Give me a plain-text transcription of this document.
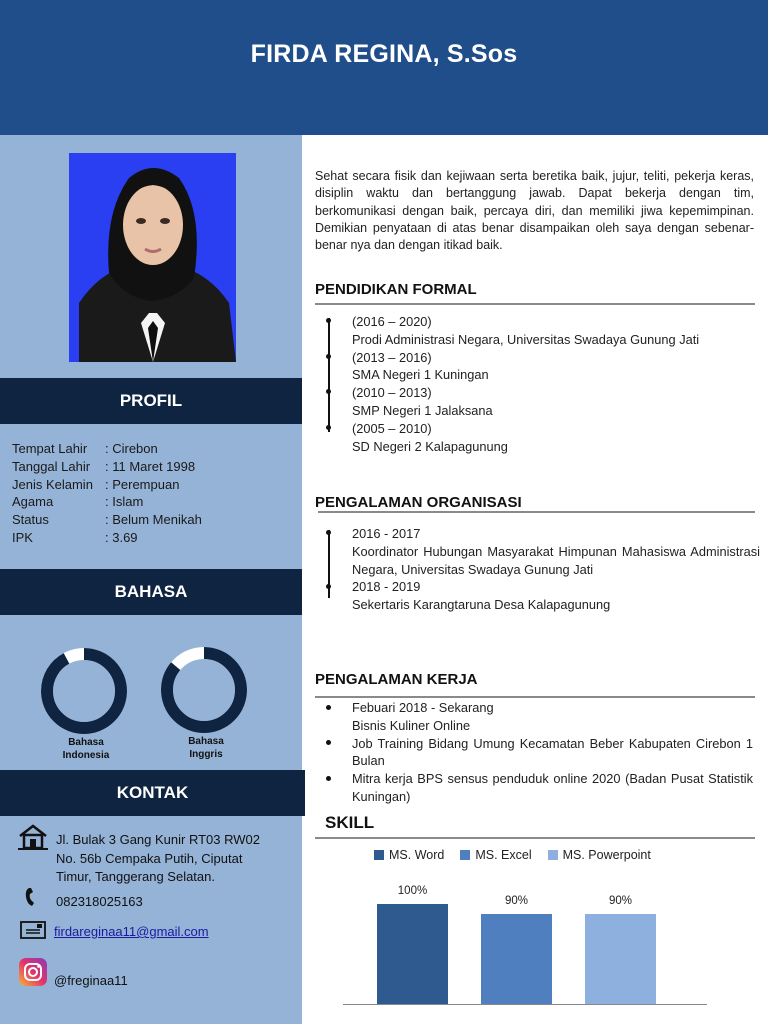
FIRDA REGINA, S.Sos
PROFIL
Tempat Lahir	: Cirebon
Tanggal Lahir	: 11 Maret 1998
Jenis Kelamin : Perempuan
Agama	: Islam
Status	: Belum Menikah
IPK	: 3.69
BAHASA
Bahasa
Indonesia
Bahasa
Inggris
KONTAK
Jl. Bulak 3 Gang Kunir RT03 RW02
No. 56b Cempaka Putih, Ciputat
Timur, Tanggerang Selatan.
082318025163
firdareginaa11@gmail.com
@freginaa11
Sehat secara fisik dan kejiwaan serta beretika baik, jujur, teliti, pekerja keras, disiplin waktu dan bertanggung jawab. Dapat bekerja dengan tim, berkomunikasi dengan baik, percaya diri, dan memiliki jiwa kepemimpinan. Demikian penyataan di atas benar disampaikan oleh saya dengan sebenar-benar nya dan dengan itikad baik.
PENDIDIKAN FORMAL
(2016 – 2020)
Prodi Administrasi Negara, Universitas Swadaya Gunung Jati
(2013 – 2016)
SMA Negeri 1 Kuningan
(2010 – 2013)
SMP Negeri 1 Jalaksana
(2005 – 2010)
SD Negeri 2 Kalapagunung
PENGALAMAN ORGANISASI
2016 - 2017
Koordinator Hubungan Masyarakat Himpunan Mahasiswa Administrasi Negara, Universitas Swadaya Gunung Jati
2018 - 2019
Sekertaris Karangtaruna Desa Kalapagunung
PENGALAMAN KERJA
Febuari 2018 - Sekarang
Bisnis Kuliner Online
Job Training Bidang Umung Kecamatan Beber Kabupaten Cirebon 1 Bulan
Mitra kerja BPS sensus penduduk online 2020 (Badan Pusat Statistik Kuningan)
SKILL
MS. Word MS. Excel MS. Powerpoint
100%
90%	90%
